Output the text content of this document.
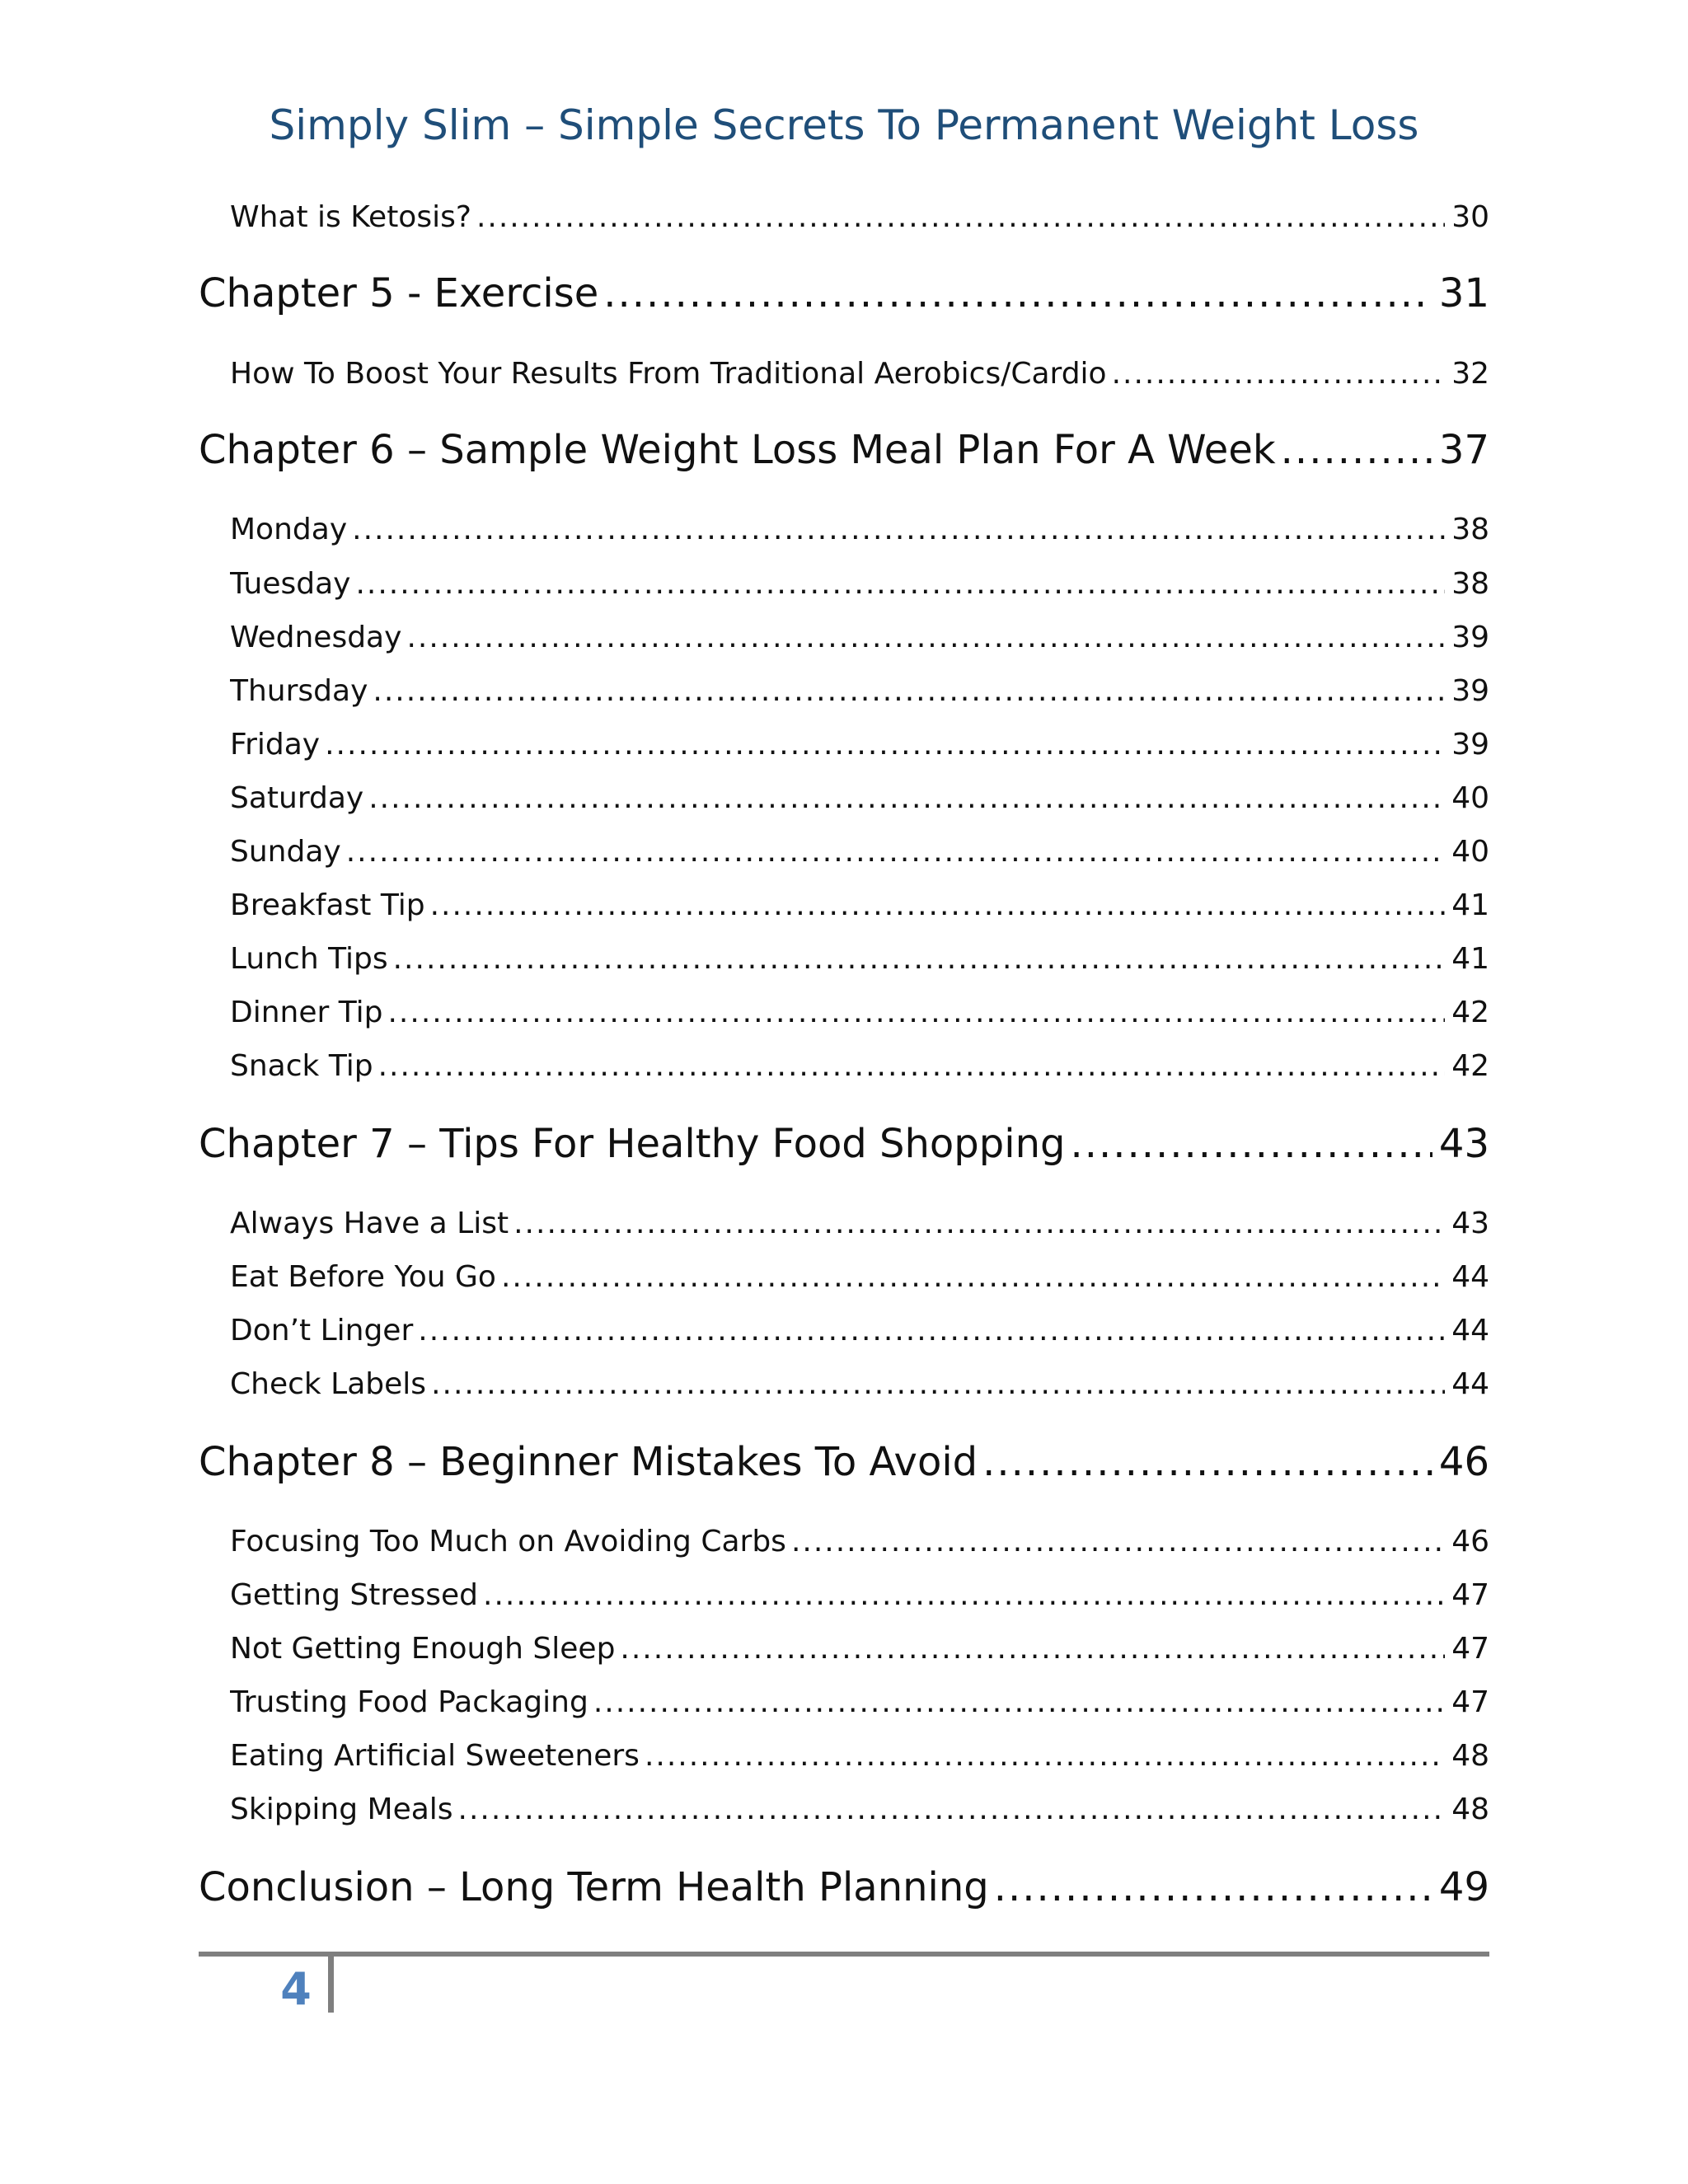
Simply Slim – Simple Secrets To Permanent Weight Loss
What is Ketosis? .....	30
Chapter 5 - Exercise .....	31
How To Boost Your Results From Traditional Aerobics/Cardio .....	32
Chapter 6 – Sample Weight Loss Meal Plan For A Week .....	37
Monday .....	38
Tuesday .....	38
Wednesday .....	39
Thursday .....	39
Friday .....	39
Saturday .....	40
Sunday .....	40
Breakfast Tip .....	41
Lunch Tips .....	41
Dinner Tip .....	42
Snack Tip .....	42
Chapter 7 – Tips For Healthy Food Shopping .....	43
Always Have a List .....	43
Eat Before You Go .....	44
Don’t Linger .....	44
Check Labels .....	44
Chapter 8 – Beginner Mistakes To Avoid .....	46
Focusing Too Much on Avoiding Carbs .....	46
Getting Stressed .....	47
Not Getting Enough Sleep .....	47
Trusting Food Packaging .....	47
Eating Artificial Sweeteners .....	48
Skipping Meals .....	48
Conclusion – Long Term Health Planning .....	49
4
